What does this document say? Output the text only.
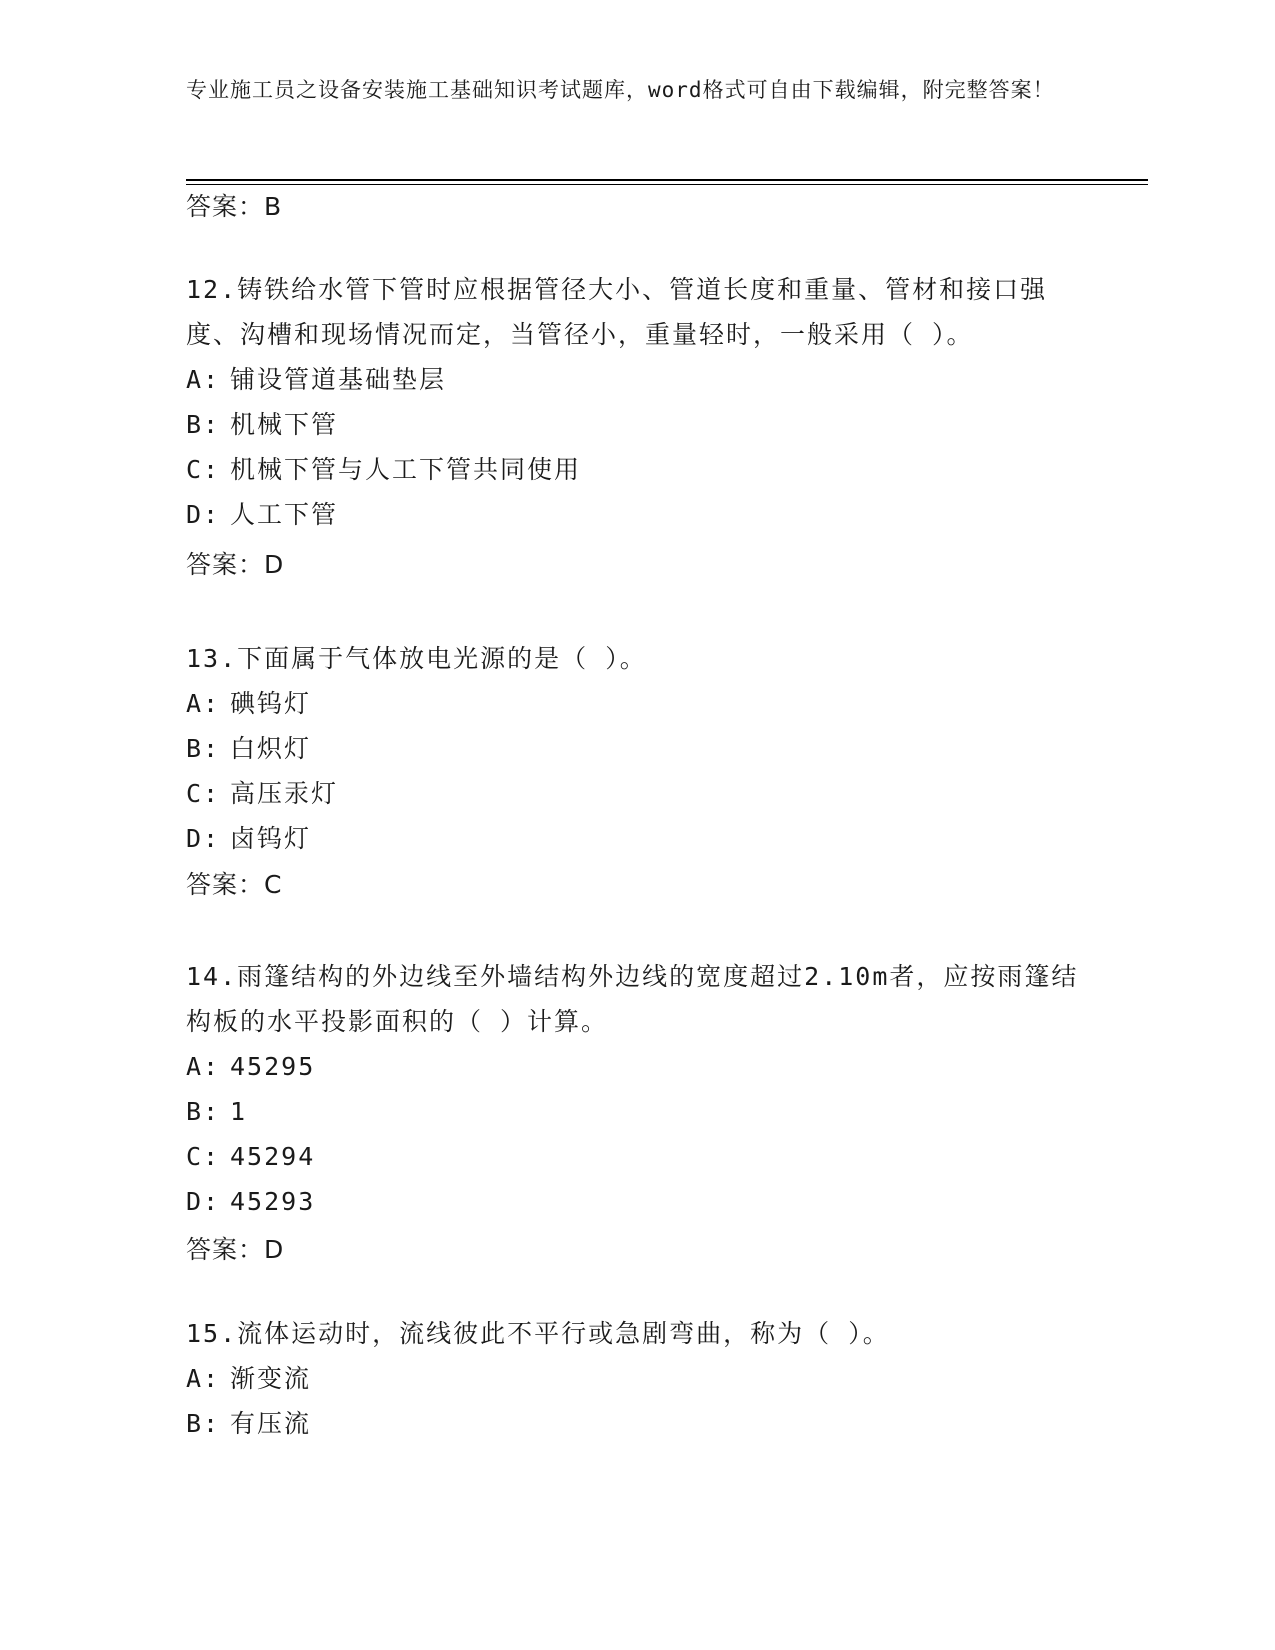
专业施工员之设备安装施工基础知识考试题库，word格式可自由下载编辑，附完整答案！
答案：B
12.铸铁给水管下管时应根据管径大小、管道长度和重量、管材和接口强度、沟槽和现场情况而定，当管径小，重量轻时，一般采用（ ）。
A: 铺设管道基础垫层
B: 机械下管
C: 机械下管与人工下管共同使用
D: 人工下管
答案：D
13.下面属于气体放电光源的是（ ）。
A: 碘钨灯
B: 白炽灯
C: 高压汞灯
D: 卤钨灯
答案：C
14.雨篷结构的外边线至外墙结构外边线的宽度超过2.10m者，应按雨篷结构板的水平投影面积的（ ）计算。
A: 45295
B: 1
C: 45294
D: 45293
答案：D
15.流体运动时，流线彼此不平行或急剧弯曲，称为（ ）。
A: 渐变流
B: 有压流
